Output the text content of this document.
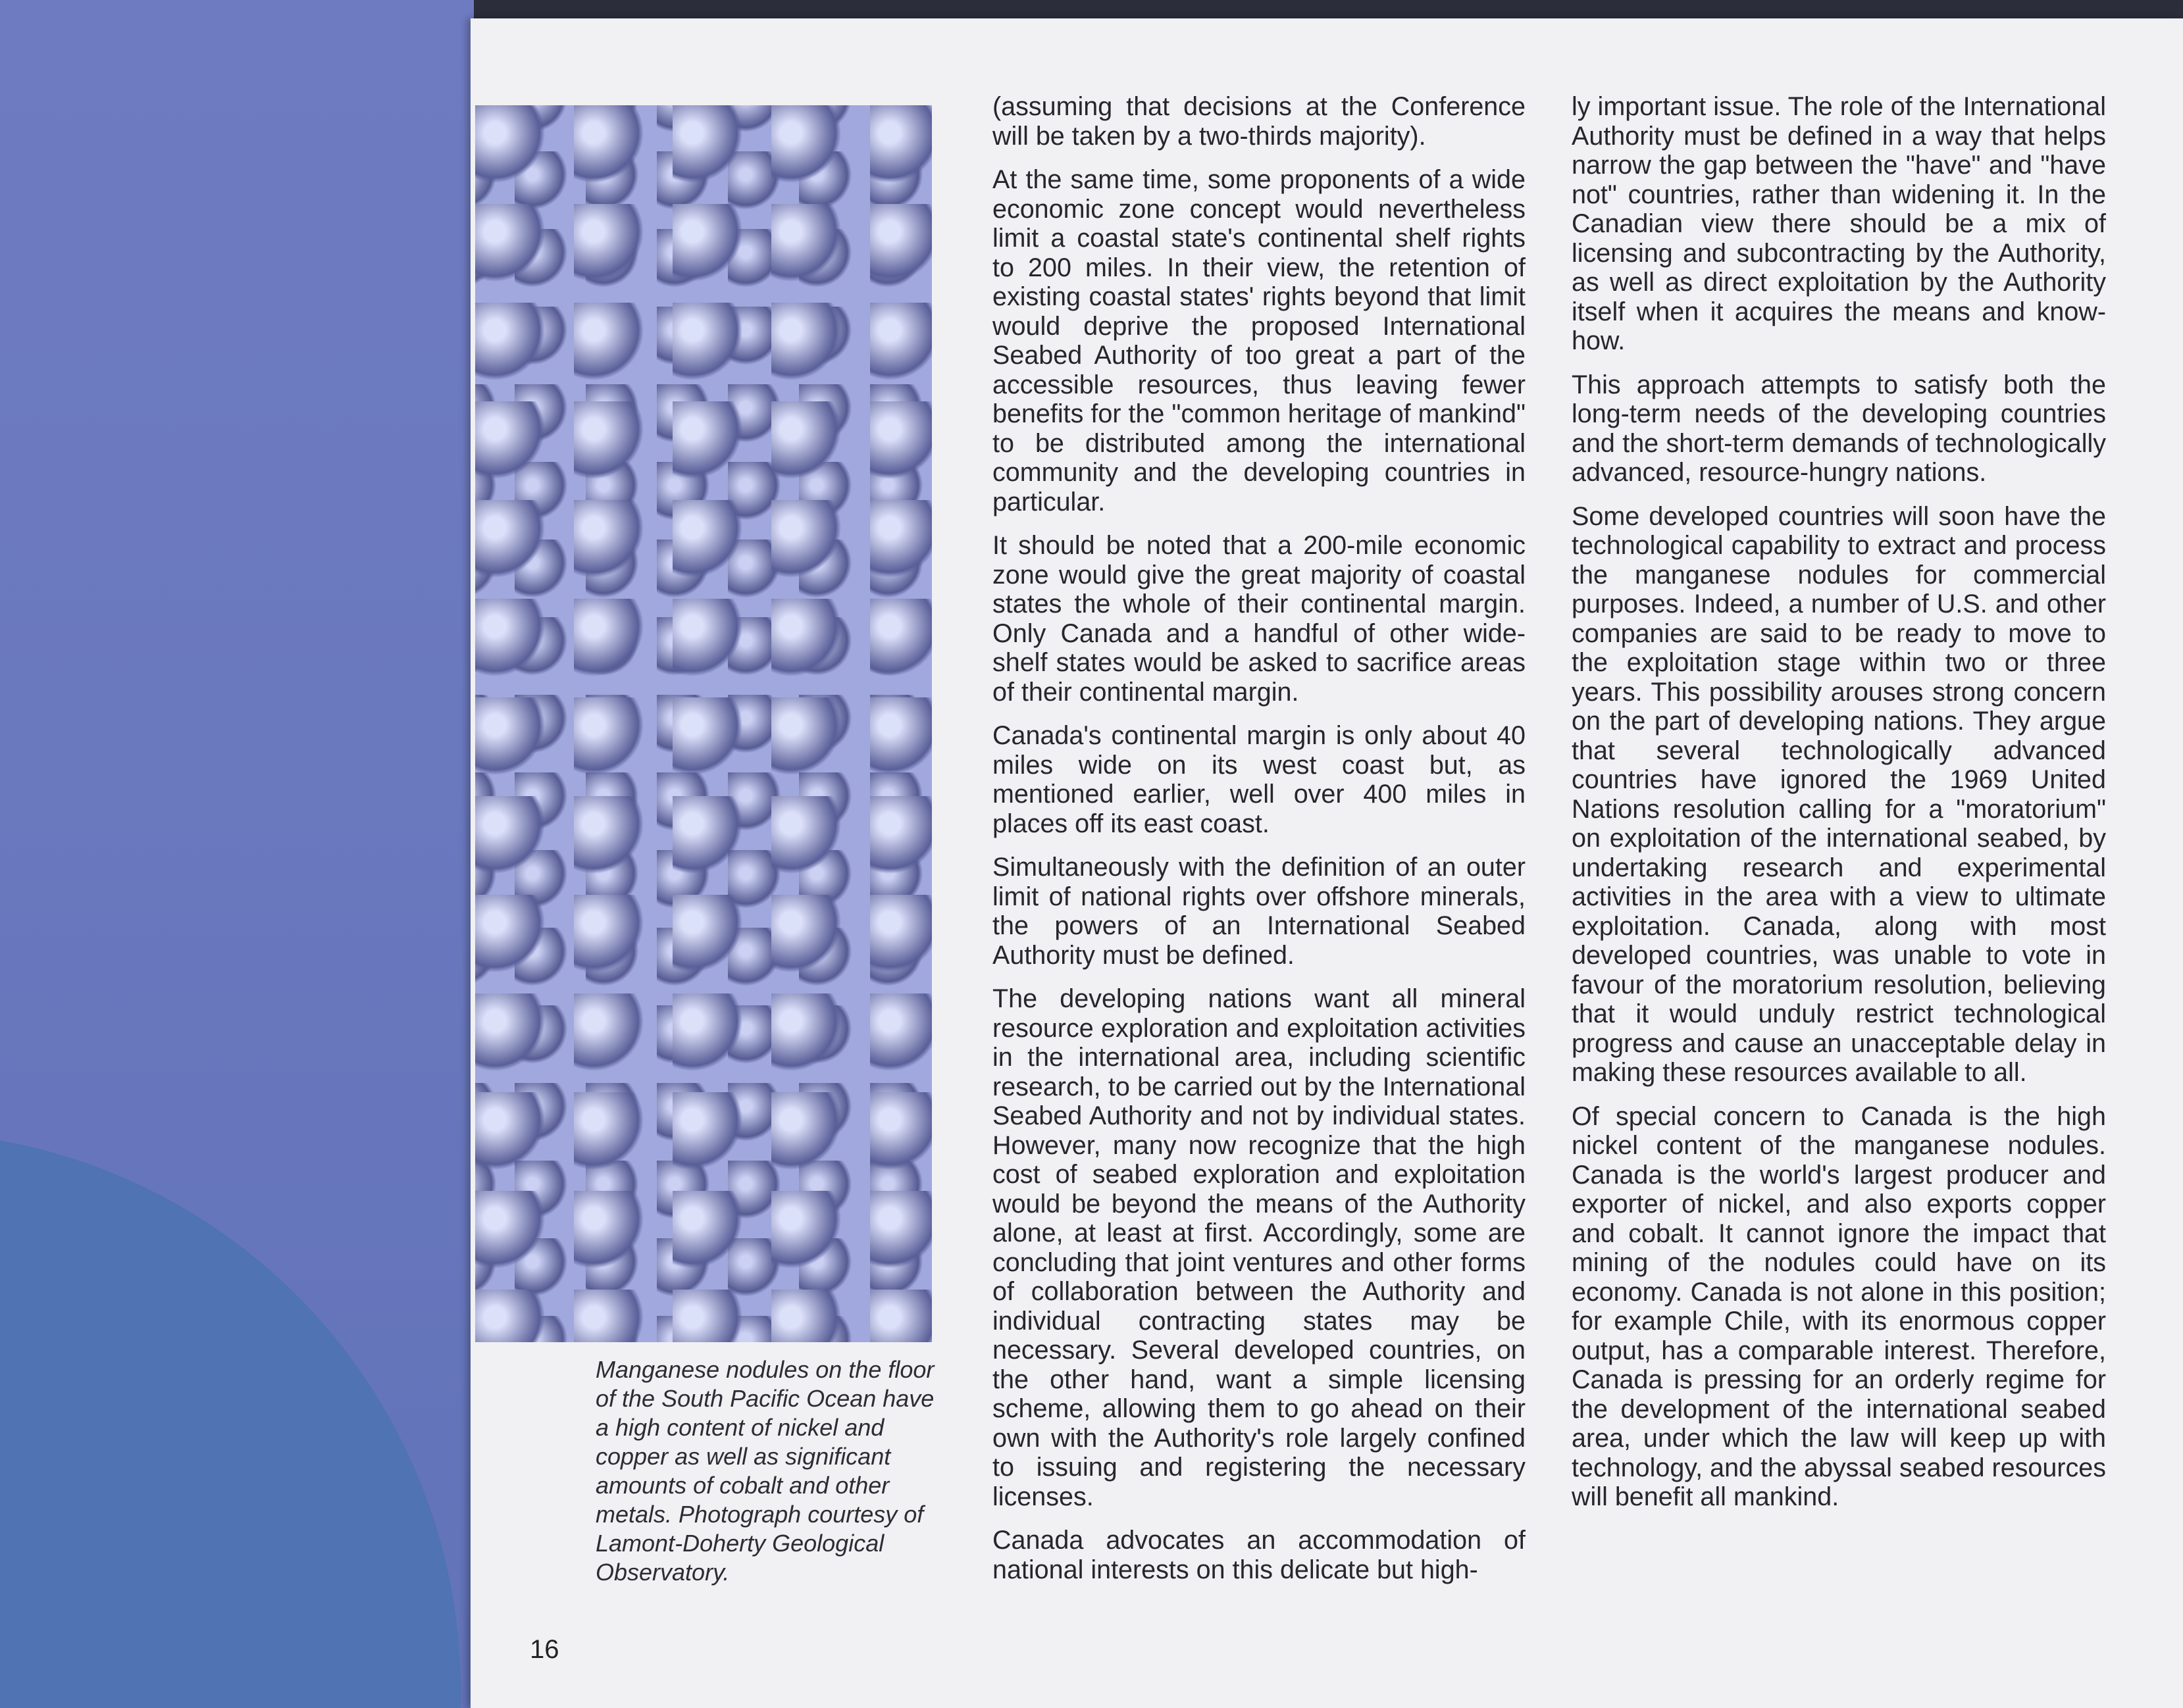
Manganese nodules on the floor of the South Pacific Ocean have a high content of nickel and copper as well as significant amounts of cobalt and other metals. Photograph courtesy of Lamont-Doherty Geological Observatory.

16

(assuming that decisions at the Conference will be taken by a two-thirds majority).

At the same time, some proponents of a wide economic zone concept would nevertheless limit a coastal state's continental shelf rights to 200 miles. In their view, the retention of existing coastal states' rights beyond that limit would deprive the proposed International Seabed Authority of too great a part of the accessible resources, thus leaving fewer benefits for the "common heritage of mankind" to be distributed among the international community and the developing countries in particular.

It should be noted that a 200-mile economic zone would give the great majority of coastal states the whole of their continental margin. Only Canada and a handful of other wide-shelf states would be asked to sacrifice areas of their continental margin.

Canada's continental margin is only about 40 miles wide on its west coast but, as mentioned earlier, well over 400 miles in places off its east coast.

Simultaneously with the definition of an outer limit of national rights over offshore minerals, the powers of an International Seabed Authority must be defined.

The developing nations want all mineral resource exploration and exploitation activities in the international area, including scientific research, to be carried out by the International Seabed Authority and not by individual states. However, many now recognize that the high cost of seabed exploration and exploitation would be beyond the means of the Authority alone, at least at first. Accordingly, some are concluding that joint ventures and other forms of collaboration between the Authority and individual contracting states may be necessary. Several developed countries, on the other hand, want a simple licensing scheme, allowing them to go ahead on their own with the Authority's role largely confined to issuing and registering the necessary licenses.

Canada advocates an accommodation of national interests on this delicate but high-

ly important issue. The role of the International Authority must be defined in a way that helps narrow the gap between the "have" and "have not" countries, rather than widening it. In the Canadian view there should be a mix of licensing and subcontracting by the Authority, as well as direct exploitation by the Authority itself when it acquires the means and know-how.

This approach attempts to satisfy both the long-term needs of the developing countries and the short-term demands of technologically advanced, resource-hungry nations.

Some developed countries will soon have the technological capability to extract and process the manganese nodules for commercial purposes. Indeed, a number of U.S. and other companies are said to be ready to move to the exploitation stage within two or three years. This possibility arouses strong concern on the part of developing nations. They argue that several technologically advanced countries have ignored the 1969 United Nations resolution calling for a "moratorium" on exploitation of the international seabed, by undertaking research and experimental activities in the area with a view to ultimate exploitation. Canada, along with most developed countries, was unable to vote in favour of the moratorium resolution, believing that it would unduly restrict technological progress and cause an unacceptable delay in making these resources available to all.

Of special concern to Canada is the high nickel content of the manganese nodules. Canada is the world's largest producer and exporter of nickel, and also exports copper and cobalt. It cannot ignore the impact that mining of the nodules could have on its economy. Canada is not alone in this position; for example Chile, with its enormous copper output, has a comparable interest. Therefore, Canada is pressing for an orderly regime for the development of the international seabed area, under which the law will keep up with technology, and the abyssal seabed resources will benefit all mankind.
